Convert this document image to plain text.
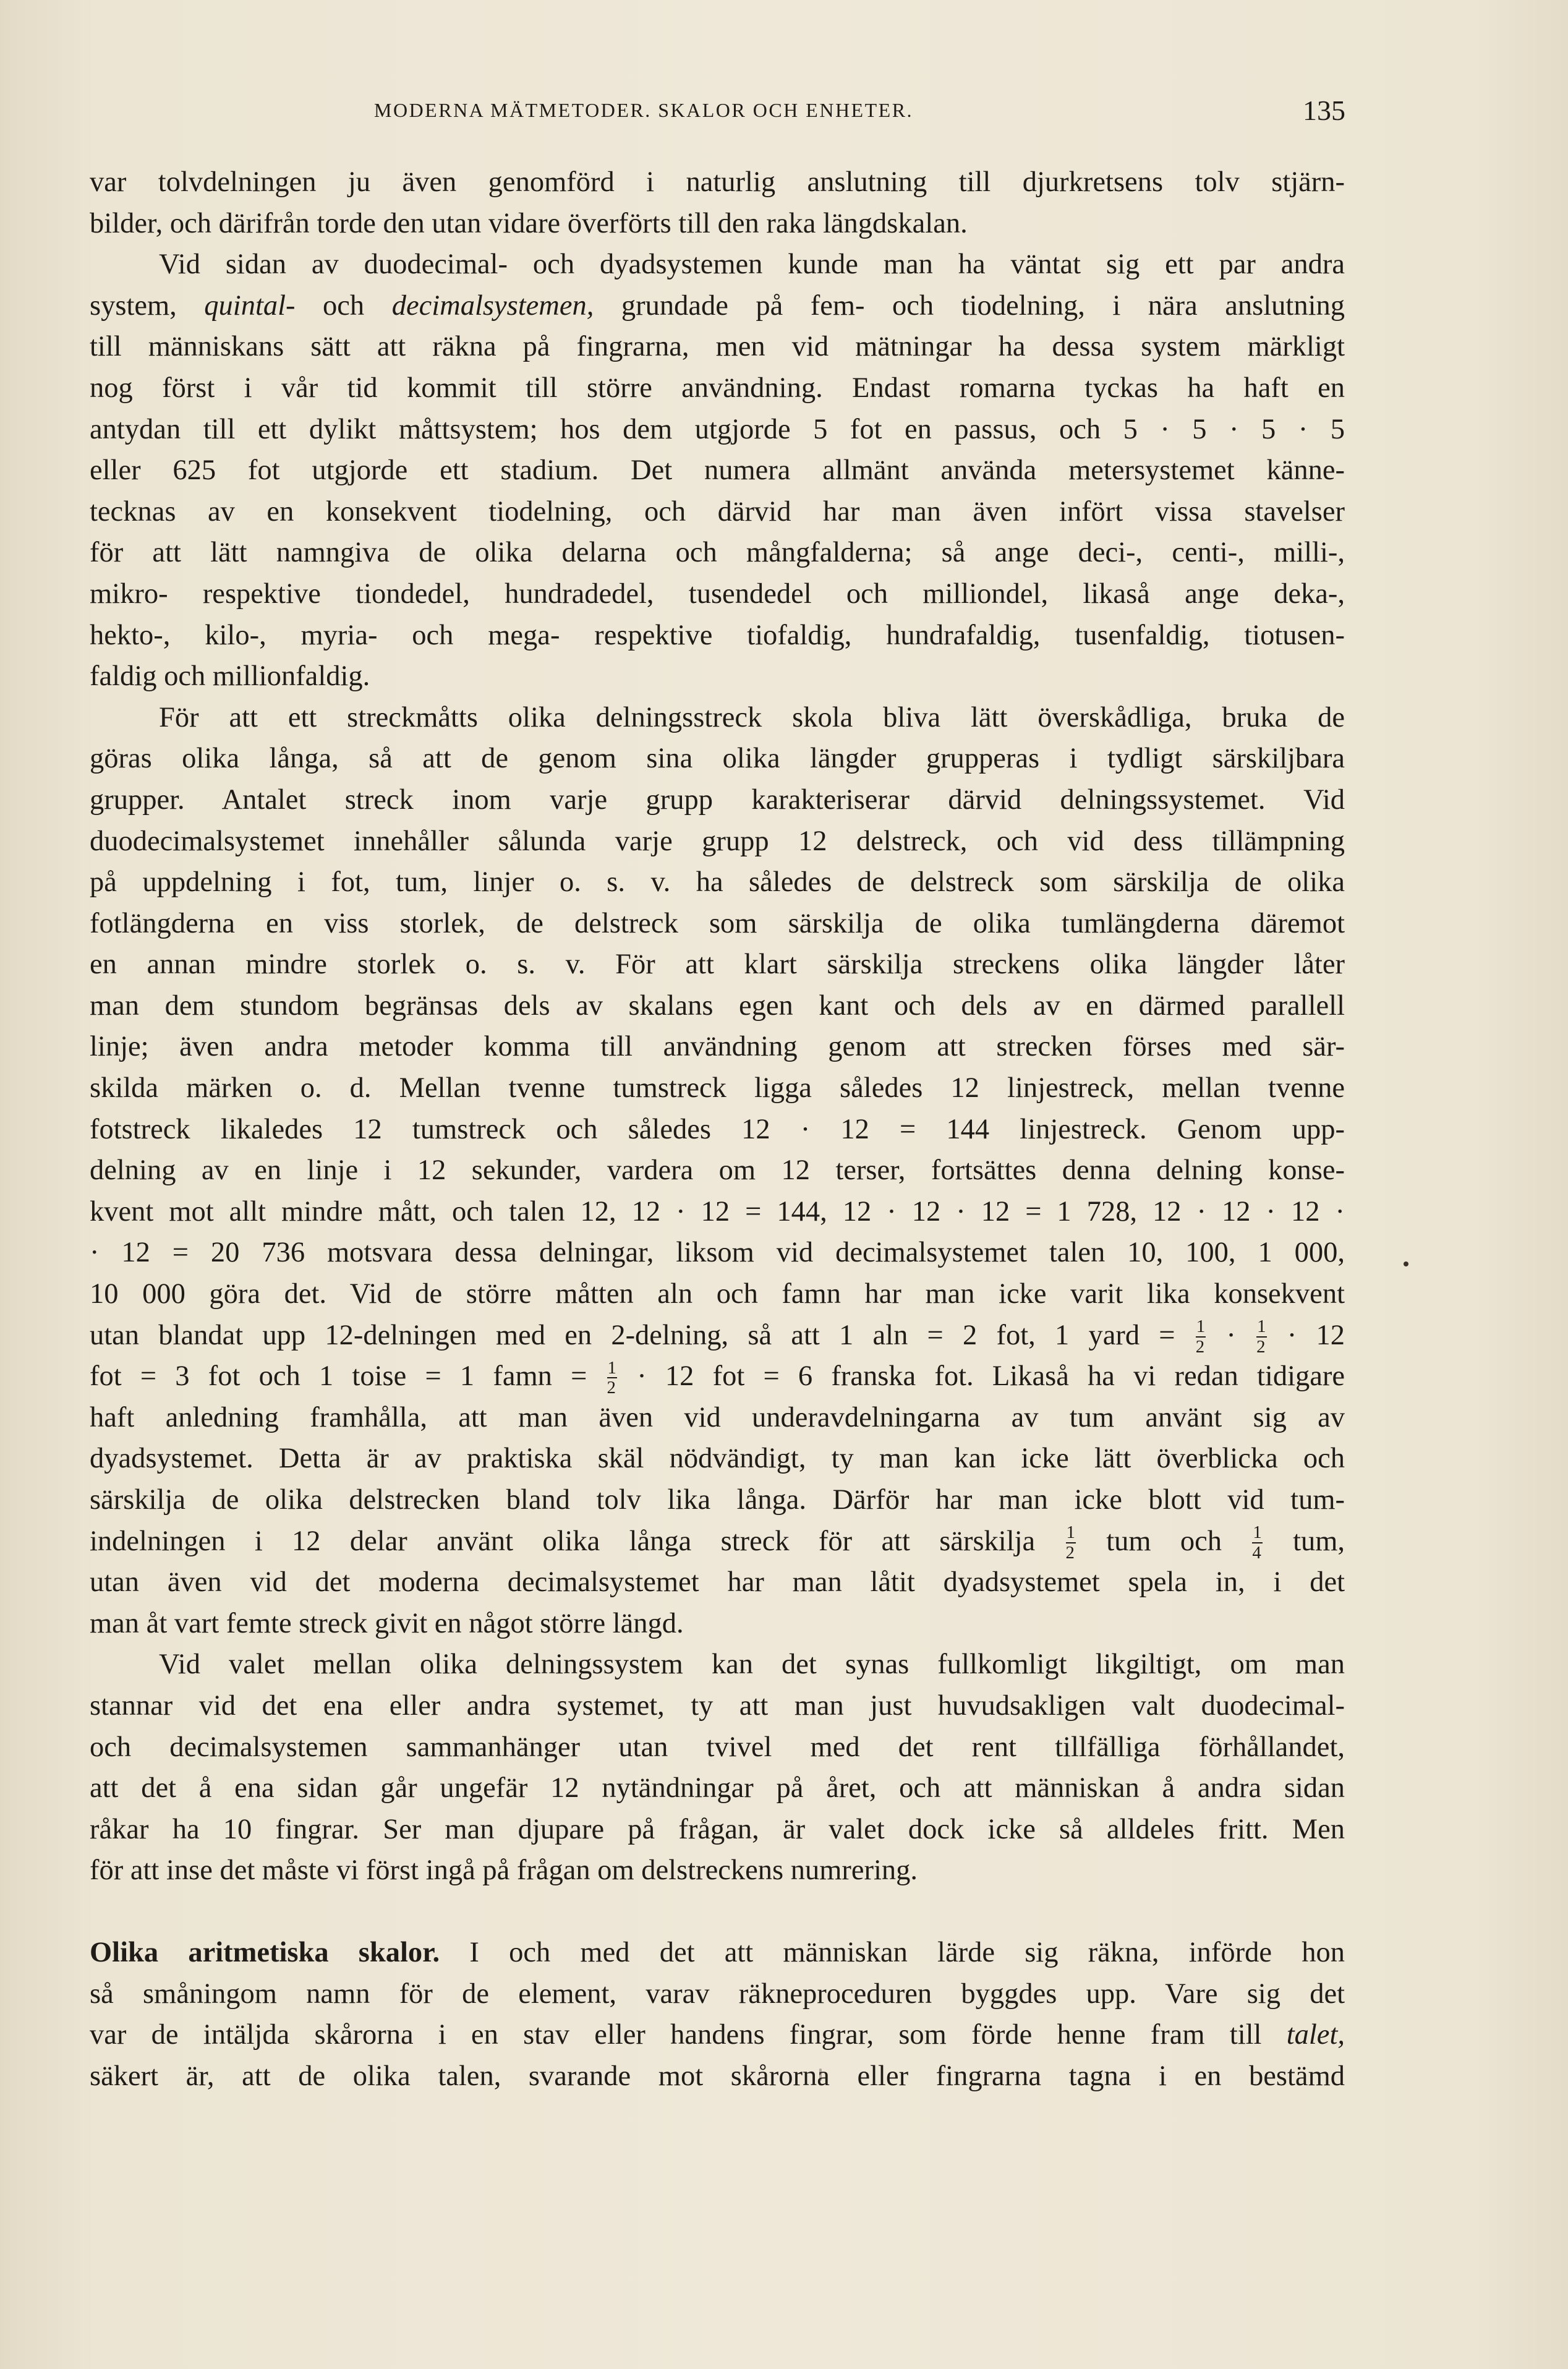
MODERNA MÄTMETODER. SKALOR OCH ENHETER.	135

var tolvdelningen ju även genomförd i naturlig anslutning till djurkretsens tolv stjärn-
bilder, och därifrån torde den utan vidare överförts till den raka längdskalan.

Vid sidan av duodecimal- och dyadsystemen kunde man ha väntat sig ett par andra
system, quintal- och decimalsystemen, grundade på fem- och tiodelning, i nära anslutning
till människans sätt att räkna på fingrarna, men vid mätningar ha dessa system märkligt
nog först i vår tid kommit till större användning. Endast romarna tyckas ha haft en
antydan till ett dylikt måttsystem; hos dem utgjorde 5 fot en passus, och 5 · 5 · 5 · 5
eller 625 fot utgjorde ett stadium. Det numera allmänt använda metersystemet känne-
tecknas av en konsekvent tiodelning, och därvid har man även infört vissa stavelser
för att lätt namngiva de olika delarna och mångfalderna; så ange deci-, centi-, milli-,
mikro- respektive tiondedel, hundradedel, tusendedel och milliondel, likaså ange deka-,
hekto-, kilo-, myria- och mega- respektive tiofaldig, hundrafaldig, tusenfaldig, tiotusen-
faldig och millionfaldig.

För att ett streckmåtts olika delningsstreck skola bliva lätt överskådliga, bruka de
göras olika långa, så att de genom sina olika längder grupperas i tydligt särskiljbara
grupper. Antalet streck inom varje grupp karakteriserar därvid delningssystemet. Vid
duodecimalsystemet innehåller sålunda varje grupp 12 delstreck, och vid dess tillämpning
på uppdelning i fot, tum, linjer o. s. v. ha således de delstreck som särskilja de olika
fotlängderna en viss storlek, de delstreck som särskilja de olika tumlängderna däremot
en annan mindre storlek o. s. v. För att klart särskilja streckens olika längder låter
man dem stundom begränsas dels av skalans egen kant och dels av en därmed parallell
linje; även andra metoder komma till användning genom att strecken förses med sär-
skilda märken o. d. Mellan tvenne tumstreck ligga således 12 linjestreck, mellan tvenne
fotstreck likaledes 12 tumstreck och således 12 · 12 = 144 linjestreck. Genom upp-
delning av en linje i 12 sekunder, vardera om 12 terser, fortsättes denna delning konse-
kvent mot allt mindre mått, och talen 12, 12 · 12 = 144, 12 · 12 · 12 = 1 728, 12 · 12 · 12 ·
· 12 = 20 736 motsvara dessa delningar, liksom vid decimalsystemet talen 10, 100, 1 000,
10 000 göra det. Vid de större måtten aln och famn har man icke varit lika konsekvent
utan blandat upp 12-delningen med en 2-delning, så att 1 aln = 2 fot, 1 yard = $\frac{1}{2} \cdot \frac{1}{2} \cdot 12$
fot = 3 fot och 1 toise = 1 famn = $\frac{1}{2} \cdot 12$ fot = 6 franska fot. Likaså ha vi redan tidigare
haft anledning framhålla, att man även vid underavdelningarna av tum använt sig av
dyadsystemet. Detta är av praktiska skäl nödvändigt, ty man kan icke lätt överblicka och
särskilja de olika delstrecken bland tolv lika långa. Därför har man icke blott vid tum-
indelningen i 12 delar använt olika långa streck för att särskilja $\frac{1}{2}$ tum och $\frac{1}{4}$ tum,
utan även vid det moderna decimalsystemet har man låtit dyadsystemet spela in, i det
man åt vart femte streck givit en något större längd.

Vid valet mellan olika delningssystem kan det synas fullkomligt likgiltigt, om man
stannar vid det ena eller andra systemet, ty att man just huvudsakligen valt duodecimal-
och decimalsystemen sammanhänger utan tvivel med det rent tillfälliga förhållandet,
att det å ena sidan går ungefär 12 nytändningar på året, och att människan å andra sidan
råkar ha 10 fingrar. Ser man djupare på frågan, är valet dock icke så alldeles fritt. Men
för att inse det måste vi först ingå på frågan om delstreckens numrering.

Olika aritmetiska skalor. I och med det att människan lärde sig räkna, införde hon
så småningom namn för de element, varav räkneproceduren byggdes upp. Vare sig det
var de intäljda skårorna i en stav eller handens fingrar, som förde henne fram till talet,
säkert är, att de olika talen, svarande mot skårorna eller fingrarna tagna i en bestämd
